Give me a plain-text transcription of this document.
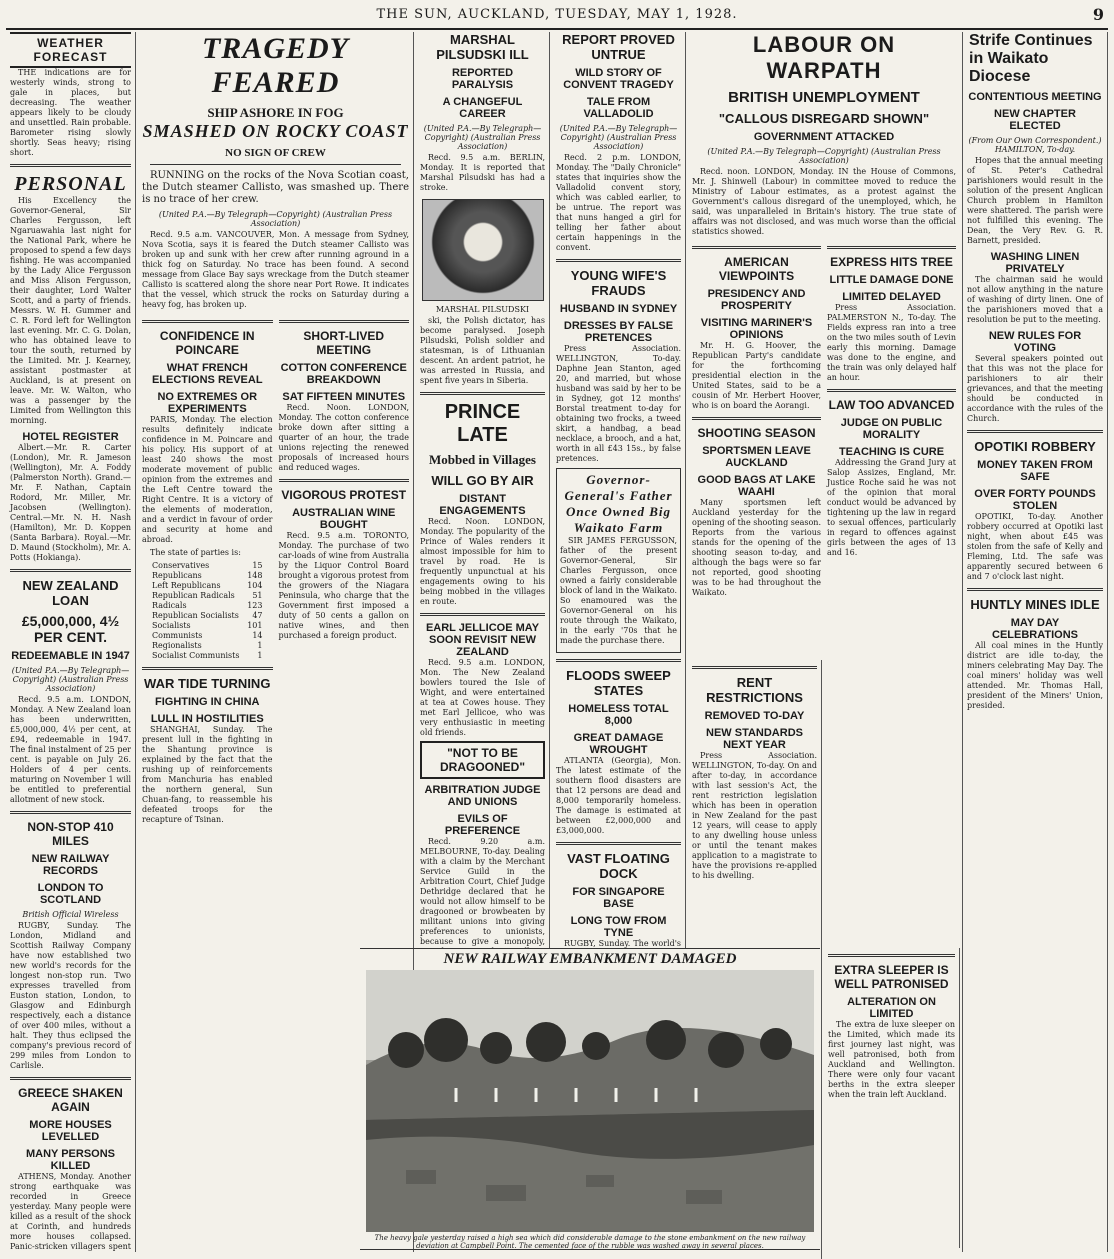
THE SUN, AUCKLAND, TUESDAY, MAY 1, 1928.	9
WEATHER FORECAST

THE indications are for westerly winds, strong to gale in places, but decreasing. The weather appears likely to be cloudy and unsettled. Rain probable. Barometer rising slowly shortly. Seas heavy; rising short.

PERSONAL

His Excellency the Governor-General, Sir Charles Fergusson, left Ngaruawahia last night for the National Park, where he proposed to spend a few days fishing. He was accompanied by the Lady Alice Fergusson and Miss Alison Fergusson, their daughter, Lord Walter Scott, and a party of friends. Messrs. W. H. Gummer and C. R. Ford left for Wellington last evening. Mr. C. G. Dolan, who has obtained leave to tour the south, returned by the Limited. Mr. J. Kearney, assistant postmaster at Auckland, is at present on leave. Mr. W. Walton, who was a passenger by the Limited from Wellington this morning.

HOTEL REGISTER

Albert.—Mr. R. Carter (London), Mr. R. Jameson (Wellington), Mr. A. Foddy (Palmerston North). Grand.—Mr. F. Nathan, Captain Rodord, Mr. Miller, Mr. Jacobsen (Wellington). Central.—Mr. N. H. Nash (Hamilton), Mr. D. Koppen (Santa Barbara). Royal.—Mr. D. Maund (Stockholm), Mr. A. Potts (Hokianga).

NEW ZEALAND LOAN
£5,000,000, 4½ PER CENT.
REDEEMABLE IN 1947
(United P.A.—By Telegraph—Copyright) (Australian Press Association)

Recd. 9.5 a.m. LONDON, Monday. A New Zealand loan has been underwritten, £5,000,000, 4½ per cent, at £94, redeemable in 1947. The final instalment of 25 per cent. is payable on July 26. Holders of 4 per cents. maturing on November 1 will be entitled to preferential allotment of new stock.

NON-STOP 410 MILES
NEW RAILWAY RECORDS
LONDON TO SCOTLAND
British Official Wireless

RUGBY, Sunday. The London, Midland and Scottish Railway Company have now established two new world's records for the longest non-stop run. Two expresses travelled from Euston station, London, to Glasgow and Edinburgh respectively, each a distance of over 400 miles, without a halt. They thus eclipsed the company's previous record of 299 miles from London to Carlisle.

GREECE SHAKEN AGAIN
MORE HOUSES LEVELLED
MANY PERSONS KILLED

ATHENS, Monday. Another strong earthquake was recorded in Greece yesterday. Many people were killed as a result of the shock at Corinth, and hundreds more houses collapsed. Panic-stricken villagers spent

TRAGEDY FEARED
SHIP ASHORE IN FOG
SMASHED ON ROCKY COAST
NO SIGN OF CREW

RUNNING on the rocks of the Nova Scotian coast, the Dutch steamer Callisto, was smashed up. There is no trace of her crew.

(United P.A.—By Telegraph—Copyright) (Australian Press Association)

Recd. 9.5 a.m. VANCOUVER, Mon. A message from Sydney, Nova Scotia, says it is feared the Dutch steamer Callisto was broken up and sunk with her crew after running aground in a thick fog on Saturday. No trace has been found. A second message from Glace Bay says wreckage from the Dutch steamer Callisto is scattered along the shore near Port Rowe. It indicates that the vessel, which struck the rocks on Saturday during a heavy fog, has broken up.

CONFIDENCE IN POINCARE
WHAT FRENCH ELECTIONS REVEAL
NO EXTREMES OR EXPERIMENTS

PARIS, Monday. The election results definitely indicate confidence in M. Poincare and his policy. His support of at least 240 shows the most moderate movement of public opinion from the extremes and the Left Centre toward the Right Centre. It is a victory of the elements of moderation, and a verdict in favour of order and security at home and abroad.

The state of parties is:

Conservatives	15
Republicans	148
Left Republicans	104
Republican Radicals 51
Radicals	123
Republican Socialists 47
Socialists	101
Communists	14
Regionalists	1
Socialist Communists 1
WAR TIDE TURNING
FIGHTING IN CHINA
LULL IN HOSTILITIES

SHANGHAI, Sunday. The present lull in the fighting in the Shantung province is explained by the fact that the rushing up of reinforcements from Manchuria has enabled the northern general, Sun Chuan-fang, to reassemble his defeated troops for the recapture of Tsinan.

SHORT-LIVED MEETING
COTTON CONFERENCE BREAKDOWN
SAT FIFTEEN MINUTES

Recd. Noon. LONDON, Monday. The cotton conference broke down after sitting a quarter of an hour, the trade unions rejecting the renewed proposals of increased hours and reduced wages.

VIGOROUS PROTEST
AUSTRALIAN WINE BOUGHT

Recd. 9.5 a.m. TORONTO, Monday. The purchase of two car-loads of wine from Australia by the Liquor Control Board brought a vigorous protest from the growers of the Niagara Peninsula, who charge that the Government first imposed a duty of 50 cents a gallon on native wines, and then purchased a foreign product.

MARSHAL PILSUDSKI ILL
REPORTED PARALYSIS
A CHANGEFUL CAREER
(United P.A.—By Telegraph—Copyright) (Australian Press Association)

Recd. 9.5 a.m. BERLIN, Monday. It is reported that Marshal Pilsudski has had a stroke.

MARSHAL PILSUDSKI

ski, the Polish dictator, has become paralysed. Joseph Pilsudski, Polish soldier and statesman, is of Lithuanian descent. An ardent patriot, he was arrested in Russia, and spent five years in Siberia.

PRINCE LATE
Mobbed in Villages
WILL GO BY AIR
DISTANT ENGAGEMENTS

Recd. Noon. LONDON, Monday. The popularity of the Prince of Wales renders it almost impossible for him to travel by road. He is frequently unpunctual at his engagements owing to his being mobbed in the villages en route.

EARL JELLICOE MAY SOON REVISIT NEW ZEALAND

Recd. 9.5 a.m. LONDON, Mon. The New Zealand bowlers toured the Isle of Wight, and were entertained at tea at Cowes house. They met Earl Jellicoe, who was very enthusiastic in meeting old friends.

"NOT TO BE DRAGOONED"
ARBITRATION JUDGE AND UNIONS
EVILS OF PREFERENCE

Recd. 9.20 a.m. MELBOURNE, To-day. Dealing with a claim by the Merchant Service Guild in the Arbitration Court, Chief Judge Dethridge declared that he would not allow himself to be dragooned or browbeaten by militant unions into giving preferences to unionists, because to give a monopoly,

REPORT PROVED UNTRUE
WILD STORY OF CONVENT TRAGEDY
TALE FROM VALLADOLID
(United P.A.—By Telegraph—Copyright) (Australian Press Association)

Recd. 2 p.m. LONDON, Monday. The "Daily Chronicle" states that inquiries show the Valladolid convent story, which was cabled earlier, to be untrue. The report was that nuns hanged a girl for telling her father about certain happenings in the convent.

YOUNG WIFE'S FRAUDS
HUSBAND IN SYDNEY
DRESSES BY FALSE PRETENCES

Press Association. WELLINGTON, To-day. Daphne Jean Stanton, aged 20, and married, but whose husband was said by her to be in Sydney, got 12 months' Borstal treatment to-day for obtaining two frocks, a tweed skirt, a handbag, a bead necklace, a brooch, and a hat, worth in all £43 15s., by false pretences.

Governor-General's Father Once Owned Big Waikato Farm

SIR JAMES FERGUSSON, father of the present Governor-General, Sir Charles Fergusson, once owned a fairly considerable block of land in the Waikato. So enamoured was the Governor-General on his route through the Waikato, in the early '70s that he made the purchase there.

FLOODS SWEEP STATES
HOMELESS TOTAL 8,000
GREAT DAMAGE WROUGHT

ATLANTA (Georgia), Mon. The latest estimate of the southern flood disasters are that 12 persons are dead and 8,000 temporarily homeless. The damage is estimated at between £2,000,000 and £3,000,000.

VAST FLOATING DOCK
FOR SINGAPORE BASE
LONG TOW FROM TYNE

RUGBY, Sunday. The world's

RENT RESTRICTIONS
REMOVED TO-DAY
NEW STANDARDS NEXT YEAR

Press Association. WELLINGTON, To-day. On and after to-day, in accordance with last session's Act, the rent restriction legislation which has been in operation in New Zealand for the past 12 years, will cease to apply to any dwelling house unless or until the tenant makes application to a magistrate to have the provisions re-applied to his dwelling.

LABOUR ON WARPATH
BRITISH UNEMPLOYMENT
"CALLOUS DISREGARD SHOWN"
GOVERNMENT ATTACKED
(United P.A.—By Telegraph—Copyright) (Australian Press Association)

Recd. noon. LONDON, Monday. IN the House of Commons, Mr. J. Shinwell (Labour) in committee moved to reduce the Ministry of Labour estimates, as a protest against the Government's callous disregard of the unemployed, which, he said, was unparalleled in Britain's history. The true state of affairs was not disclosed, and was much worse than the official statistics showed.

AMERICAN VIEWPOINTS
PRESIDENCY AND PROSPERITY
VISITING MARINER'S OPINIONS

Mr. H. G. Hoover, the Republican Party's candidate for the forthcoming presidential election in the United States, said to be a cousin of Mr. Herbert Hoover, who is on board the Aorangi.

SHOOTING SEASON
SPORTSMEN LEAVE AUCKLAND
GOOD BAGS AT LAKE WAAHI

Many sportsmen left Auckland yesterday for the opening of the shooting season. Reports from the various stands for the opening of the shooting season to-day, and although the bags were so far not reported, good shooting was to be had throughout the Waikato.

EXPRESS HITS TREE
LITTLE DAMAGE DONE
LIMITED DELAYED

Press Association. PALMERSTON N., To-day. The Fields express ran into a tree on the two miles south of Levin early this morning. Damage was done to the engine, and the train was only delayed half an hour.

LAW TOO ADVANCED
JUDGE ON PUBLIC MORALITY
TEACHING IS CURE

Addressing the Grand Jury at Salop Assizes, England, Mr. Justice Roche said he was not of the opinion that moral conduct would be advanced by tightening up the law in regard to sexual offences, particularly in regard to offences against girls between the ages of 13 and 16.

EXTRA SLEEPER IS WELL PATRONISED
ALTERATION ON LIMITED

The extra de luxe sleeper on the Limited, which made its first journey last night, was well patronised, both from Auckland and Wellington. There were only four vacant berths in the extra sleeper when the train left Auckland.

Strife Continues in Waikato Diocese
CONTENTIOUS MEETING
NEW CHAPTER ELECTED
(From Our Own Correspondent.) HAMILTON, To-day.

Hopes that the annual meeting of St. Peter's Cathedral parishioners would result in the solution of the present Anglican Church problem in Hamilton were shattered. The parish were not fulfilled this evening. The Dean, the Very Rev. G. R. Barnett, presided.

WASHING LINEN PRIVATELY

The chairman said he would not allow anything in the nature of washing of dirty linen. One of the parishioners moved that a resolution be put to the meeting.

NEW RULES FOR VOTING

Several speakers pointed out that this was not the place for parishioners to air their grievances, and that the meeting should be conducted in accordance with the rules of the Church.

OPOTIKI ROBBERY
MONEY TAKEN FROM SAFE
OVER FORTY POUNDS STOLEN

OPOTIKI, To-day. Another robbery occurred at Opotiki last night, when about £45 was stolen from the safe of Kelly and Fleming, Ltd. The safe was apparently secured between 6 and 7 o'clock last night.

HUNTLY MINES IDLE
MAY DAY CELEBRATIONS

All coal mines in the Huntly district are idle to-day, the miners celebrating May Day. The coal miners' holiday was well attended. Mr. Thomas Hall, president of the Miners' Union, presided.

NEW RAILWAY EMBANKMENT DAMAGED
The heavy gale yesterday raised a high sea which did considerable damage to the stone embankment on the new railway deviation at Campbell Point. The cemented face of the rubble was washed away in several places.
